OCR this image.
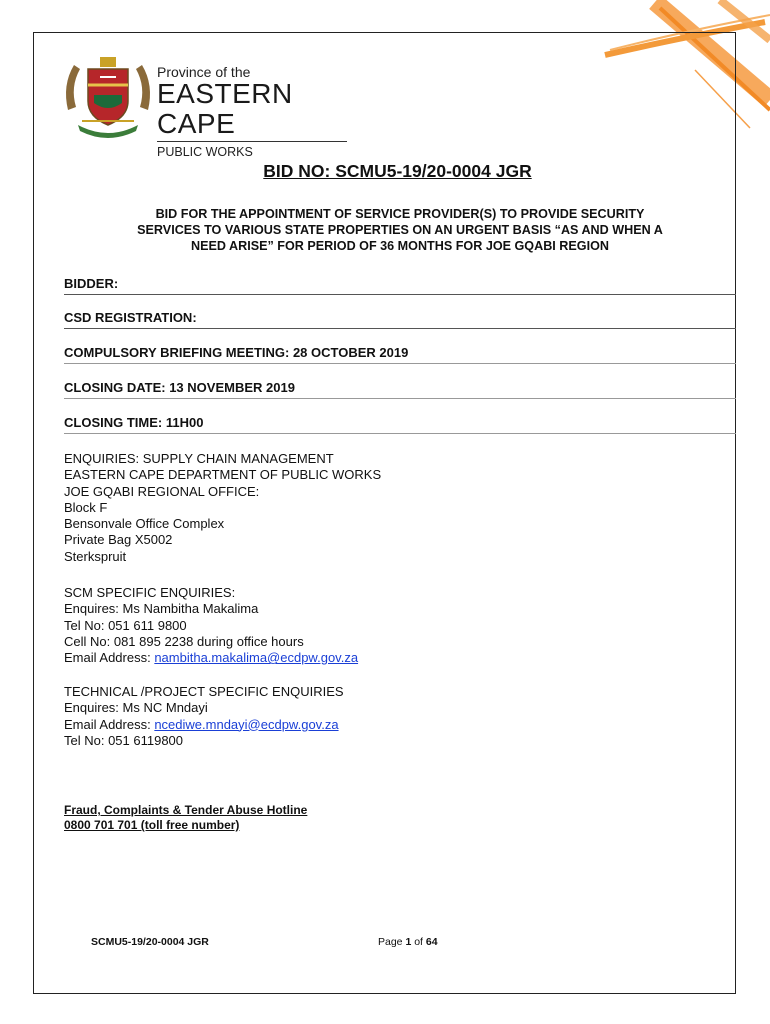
Province of the
EASTERN CAPE
PUBLIC WORKS
BID NO: SCMU5-19/20-0004 JGR
BID FOR THE APPOINTMENT OF SERVICE PROVIDER(S) TO PROVIDE SECURITY
SERVICES TO VARIOUS STATE PROPERTIES ON AN URGENT BASIS “AS AND WHEN A
NEED ARISE” FOR PERIOD OF 36 MONTHS FOR JOE GQABI REGION
BIDDER:
CSD REGISTRATION:
COMPULSORY BRIEFING MEETING: 28 OCTOBER 2019
CLOSING DATE: 13 NOVEMBER 2019
CLOSING TIME: 11H00
ENQUIRIES: SUPPLY CHAIN MANAGEMENT
EASTERN CAPE DEPARTMENT OF PUBLIC WORKS
JOE GQABI REGIONAL OFFICE:
Block F
Bensonvale Office Complex
Private Bag X5002
Sterkspruit
SCM SPECIFIC ENQUIRIES:
Enquires: Ms Nambitha Makalima
Tel No: 051 611 9800
Cell No: 081 895 2238 during office hours
Email Address: nambitha.makalima@ecdpw.gov.za
TECHNICAL /PROJECT SPECIFIC ENQUIRIES
Enquires: Ms NC Mndayi
Email Address: ncediwe.mndayi@ecdpw.gov.za
Tel No: 051 6119800
Fraud, Complaints & Tender Abuse Hotline
0800 701 701 (toll free number)
SCMU5-19/20-0004 JGR	Page 1 of 64
